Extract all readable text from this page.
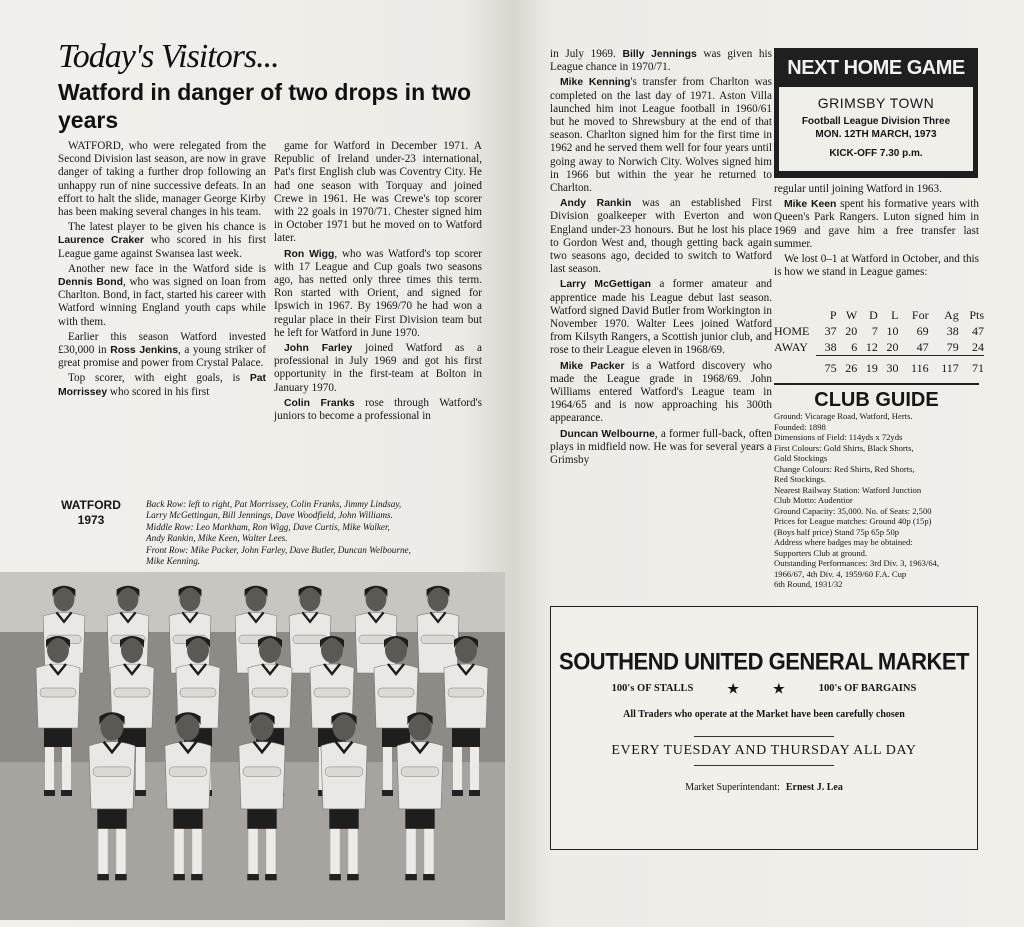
Today's Visitors...
Watford in danger of two drops in two years

WATFORD, who were relegated from the Second Division last season, are now in grave danger of taking a further drop following an unhappy run of nine successive defeats. In an effort to halt the slide, manager George Kirby has been making several changes in his team.

The latest player to be given his chance is Laurence Craker who scored in his first League game against Swansea last week.

Another new face in the Watford side is Dennis Bond, who was signed on loan from Charlton. Bond, in fact, started his career with Watford winning England youth caps while with them.

Earlier this season Watford invested £30,000 in Ross Jenkins, a young striker of great promise and power from Crystal Palace.

Top scorer, with eight goals, is Pat Morrissey who scored in his first

game for Watford in December 1971. A Republic of Ireland under-23 international, Pat's first English club was Coventry City. He had one season with Torquay and joined Crewe in 1961. He was Crewe's top scorer with 22 goals in 1970/71. Chester signed him in October 1971 but he moved on to Watford later.

Ron Wigg, who was Watford's top scorer with 17 League and Cup goals two seasons ago, has netted only three times this term. Ron started with Orient, and signed for Ipswich in 1967. By 1969/70 he had won a regular place in their First Division team but he left for Watford in June 1970.

John Farley joined Watford as a professional in July 1969 and got his first opportunity in the first-team at Bolton in January 1970.

Colin Franks rose through Watford's juniors to become a professional in

WATFORD
1973
Back Row: left to right, Pat Morrissey, Colin Franks, Jimmy Lindsay,
Larry McGettingan, Bill Jennings, Dave Woodfield, John Williams.
Middle Row: Leo Markham, Ron Wigg, Dave Curtis, Mike Walker,
Andy Rankin, Mike Keen, Walter Lees.
Front Row: Mike Packer, John Farley, Dave Butler, Duncan Welbourne,
Mike Kenning.

in July 1969. Billy Jennings was given his League chance in 1970/71.

Mike Kenning's transfer from Charlton was completed on the last day of 1971. Aston Villa launched him inot League football in 1960/61 but he moved to Shrewsbury at the end of that season. Charlton signed him for the first time in 1962 and he served them well for four years until going away to Norwich City. Wolves signed him in 1966 but within the year he returned to Charlton.

Andy Rankin was an established First Division goalkeeper with Everton and won England under-23 honours. But he lost his place to Gordon West and, though getting back again two seasons ago, decided to switch to Watford last season.

Larry McGettigan a former amateur and apprentice made his League debut last season. Watford signed David Butler from Workington in November 1970. Walter Lees joined Watford from Kilsyth Rangers, a Scottish junior club, and rose to their League eleven in 1968/69.

Mike Packer is a Watford discovery who made the League grade in 1968/69. John Williams entered Watford's League team in 1964/65 and is now approaching his 300th appearance.

Duncan Welbourne, a former full-back, often plays in midfield now. He was for several years a Grimsby

NEXT HOME GAME
GRIMSBY TOWN
Football League Division Three
MON. 12TH MARCH, 1973
KICK-OFF 7.30 p.m.

regular until joining Watford in 1963.

Mike Keen spent his formative years with Queen's Park Rangers. Luton signed him in 1969 and gave him a free transfer last summer.

We lost 0–1 at Watford in October, and this is how we stand in League games:

	P	W	D	L	For	Ag	Pts
HOME	37	20	7	10	69	38	47
AWAY	38	6	12	20	47	79	24
	75	26	19	30	116	117	71
CLUB GUIDE
Ground: Vicarage Road, Watford, Herts.
Founded: 1898
Dimensions of Field: 114yds x 72yds
First Colours: Gold Shirts, Black Shorts,
Gold Stockings
Change Colours: Red Shirts, Red Shorts,
Red Stockings.
Nearest Railway Station: Watford Junction
Club Motto: Audentior
Ground Capacity: 35,000. No. of Seats: 2,500
Prices for League matches: Ground 40p (15p)
(Boys half price) Stand 75p 65p 50p
Address where badges may be obtained:
Supporters Club at ground.
Outstanding Performances: 3rd Div. 3, 1963/64,
1966/67, 4th Div. 4, 1959/60 F.A. Cup
6th Round, 1931/32
SOUTHEND UNITED GENERAL MARKET
100's OF STALLS	★	★	100's OF BARGAINS
All Traders who operate at the Market have been carefully chosen
EVERY TUESDAY AND THURSDAY ALL DAY
Market Superintendant: Ernest J. Lea
